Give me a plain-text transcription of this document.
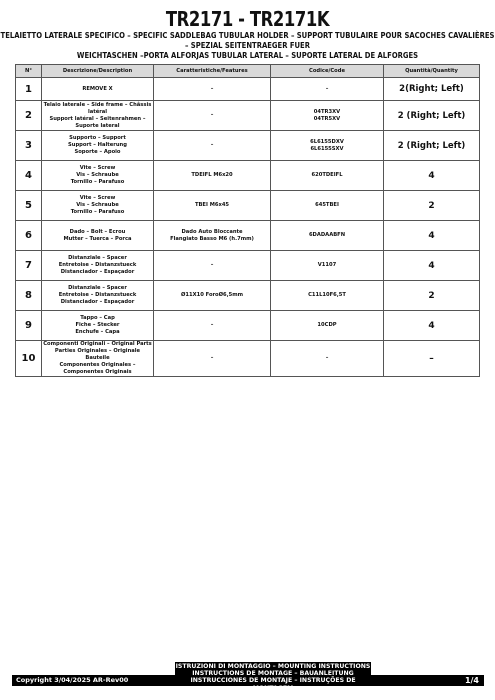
TR2171 - TR2171K
TELAIETTO LATERALE SPECIFICO – SPECIFIC SADDLEBAG TUBULAR HOLDER – SUPPORT TUBULAIRE POUR SACOCHES CAVALIÈRES – SPEZIAL SEITENTRAEGER FUER
WEICHTASCHEN –PORTA ALFORJAS TUBULAR LATERAL – SUPORTE LATERAL DE ALFORGES
N°	Descrizione/Description	Caratteristiche/Features	Codice/Code	Quantità/Quantity
1	REMOVE X	–	–	2(Right; Left)
2	Telaio laterale – Side frame – Châssis latéral
Support latéral – Seitenrahmen – Suporte lateral	–	04TR3XV
04TR5XV	2 (Right; Left)
3	Supporto – Support
Support – Halterung
Soporte – Apoio	–	6L6155DXV
6L6155SXV	2 (Right; Left)
4	Vite – Screw
Vis – Schraube
Tornillo – Parafuso	TDEIFL M6x20	620TDEIFL	4
5	Vite – Screw
Vis – Schraube
Tornillo – Parafuso	TBEI M6x45	645TBEI	2
6	Dado – Bolt – Ecrou
Mutter – Tuerca – Porca	Dado Auto Bloccante
Flangiato Basso M6 (h.7mm)	6DADAABFN	4
7	Distanziale – Spacer
Entretoise – Distanzstueck
Distanciador – Espaçador	–	V1107	4
8	Distanziale – Spacer
Entretoise – Distanzstueck
Distanciador – Espaçador	Ø11X10 ForoØ6,5mm	C11L10F6,5T	2
9	Tappo – Cap
Fiche – Stecker
Enchufe – Capa	–	10CDP	4
10	Componenti Originali – Original Parts
Parties Originales – Originale Bauteile
Componentes Originales – Componentes Originais	–	–	–
ISTRUZIONI DI MONTAGGIO – MOUNTING INSTRUCTIONS
INSTRUCTIONS DE MONTAGE – BAUANLEITUNG
INSTRUCCIONES DE MONTAJE – INSTRUÇÕES DE MONTAGEM
Copyright 3/04/2025 AR-Rev00	1/4
